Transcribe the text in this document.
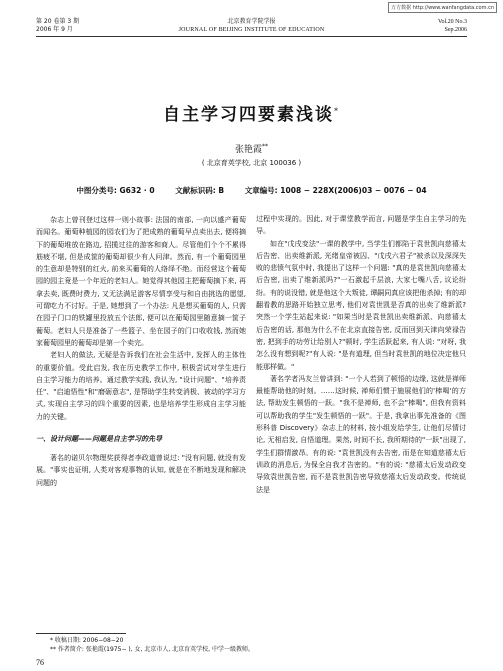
第 20 卷第 3 期
2006 年 9 月
北京教育学院学报
JOURNAL OF BEIJING INSTITUTE OF EDUCATION
Vol.20 No.3
Sep.2006
万方数据 http://www.wanfangdata.com.cn
自主学习四要素浅谈*
张艳霞**
( 北京育英学校, 北京 100036 )
中图分类号: G632 · 0	文献标识码: B	文章编号: 1008 − 228X(2006)03 − 0076 − 04

杂志上曾刊登过这样一则小故事: 法国的南部, 一向以盛产葡萄而闻名。葡萄种植园的园农们为了把成熟的葡萄早点卖出去, 便将摘下的葡萄堆放在路边, 招揽过往的游客和商人。尽管他们个个不累得筋疲不堪, 但是成筐的葡萄却很少有人问津。然而, 有一个葡萄园里的生意却是特别的红火, 前来买葡萄的人络绎不绝。而经营这个葡萄园的园主竟是一个年近的老妇人。她觉得其他园主把葡萄摘下来, 再拿去卖, 既费时费力, 又无法满足游客尽情享受与和自由挑选的愿望, 可谓吃力不讨好。于是, 她想到了一个办法: 凡是想买葡萄的人, 只需在园子门口的铁罐里投放五个法郎, 便可以在葡萄园里随意摘一筐子葡萄。老妇人只是准备了一些篮子、坐在园子的门口收收钱, 然而她家葡萄园里的葡萄却是第一个卖完。

老妇人的做法, 无疑是告诉我们在社会生活中, 发挥人的主体性的重要价值。受此启发, 我在历史教学工作中, 积极尝试对学生进行自主学习能力的培养。通过教学实践, 我认为, "设计问题"、"培养责任"、"启迪悟性"和"磨砺意志", 是帮助学生转变消极、被动的学习方式, 实现自主学习的四个重要的因素, 也是培养学生形成自主学习能力的关键。

一、设计问题——问题是自主学习的先导

著名的诺贝尔物理奖获得者李政道曾说过: "没有问题, 就没有发展。"事实也证明, 人类对客观事物的认知, 就是在不断地发现和解决问题的

过程中实现的。因此, 对于课堂教学而言, 问题是学生自主学习的先导。

如在"戊戌变法"一课的教学中, 当学生们都陷于袁世凯向慈禧太后告密、出卖维新派, 光绪皇帝被囚、"戊戌六君子"被杀以及深深失败的悲愤气氛中时, 我提出了这样一个问题: "真的是袁世凯向慈禧太后告密, 出卖了维新派吗?"一石激起千层浪, 大家七嘴八舌, 议论纷纷。有的说没错, 就是他这个大叛徒, 谭嗣同真应该把他杀掉; 有的却翻看教的思路开始独立思考, 他们对袁世凯是否真的出卖了维新派? 突然一个学生站起来说: "如果当时是袁世凯出卖维新派、向慈禧太后告密的话, 那他为什么不在北京直接告密, 反而回到天津向荣禄告密, 把到手的功劳让给别人?"顿时, 学生活跃起来, 有人说: "对呀, 我怎么没有想到呢?"有人说: "是有道理, 但当时袁世凯的地位决定他只能那样做。"

著名学者冯友兰曾讲到: "一个人若到了顿悟的边缘, 这就是禅师最能帮助他的时刻。……这时候, 禅师们惯于施展他们的'棒喝'的方法, 帮助发生顿悟的一跃。"我不是禅师, 也不会"棒喝", 但我有资料可以帮助我的学生"发生顿悟的一跃"。于是, 我拿出事先准备的《图形科普 Discovery》杂志上的材料, 按小组发给学生, 让他们尽情讨论, 无相启发, 自悟道理。果然, 时间不长, 我所期待的"一跃"出现了, 学生们群情激昂。有的说: "袁世凯没有去告密, 而是在知道慈禧太后训政的消息后, 为保全自我才告密的。"有的说: "慈禧太后发动政变导致袁世凯告密, 而不是袁世凯告密导致慈禧太后发动政变。传统说法是

* 收稿日期: 2006−08−20
** 作者简介: 张艳霞(1975− ), 女, 北京市人, 北京育英学校, 中学一级教师。
76
